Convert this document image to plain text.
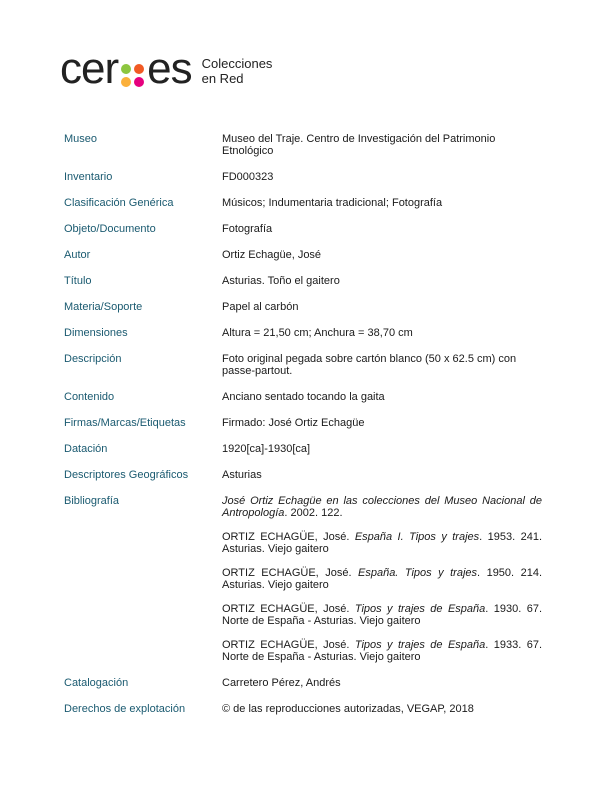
cer es Colecciones
en Red
Museo	Museo del Traje. Centro de Investigación del Patrimonio Etnológico
Inventario	FD000323
Clasificación Genérica	Músicos; Indumentaria tradicional; Fotografía
Objeto/Documento	Fotografía
Autor	Ortiz Echagüe, José
Título	Asturias. Toño el gaitero
Materia/Soporte	Papel al carbón
Dimensiones	Altura = 21,50 cm; Anchura = 38,70 cm
Descripción	Foto original pegada sobre cartón blanco (50 x 62.5 cm) con passe-partout.
Contenido	Anciano sentado tocando la gaita
Firmas/Marcas/Etiquetas	Firmado: José Ortiz Echagüe
Datación	1920[ca]-1930[ca]
Descriptores Geográficos	Asturias
Bibliografía	José Ortiz Echagüe en las colecciones del Museo Nacional de Antropología. 2002. 122.
ORTIZ ECHAGÜE, José. España I. Tipos y trajes. 1953. 241. Asturias. Viejo gaitero
ORTIZ ECHAGÜE, José. España. Tipos y trajes. 1950. 214. Asturias. Viejo gaitero
ORTIZ ECHAGÜE, José. Tipos y trajes de España. 1930. 67. Norte de España - Asturias. Viejo gaitero
ORTIZ ECHAGÜE, José. Tipos y trajes de España. 1933. 67. Norte de España - Asturias. Viejo gaitero
Catalogación	Carretero Pérez, Andrés
Derechos de explotación	© de las reproducciones autorizadas, VEGAP, 2018
